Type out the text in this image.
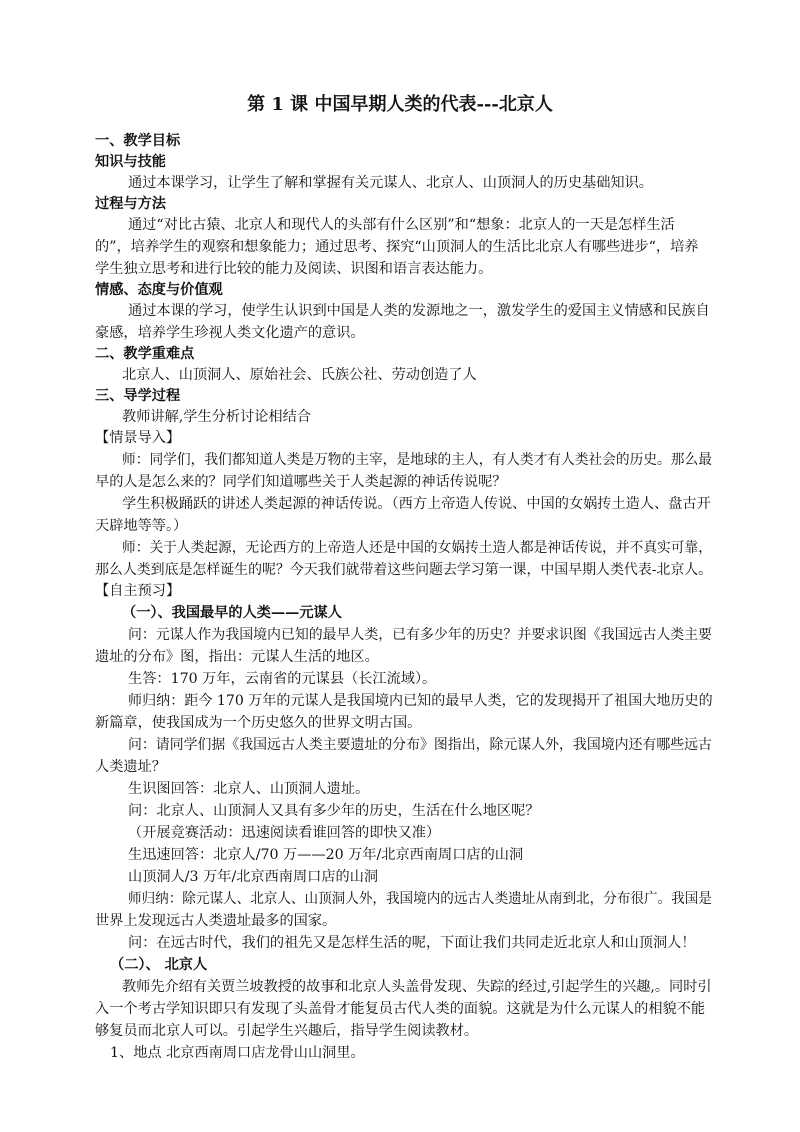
第 1 课 中国早期人类的代表---北京人
一、教学目标
知识与技能
通过本课学习，让学生了解和掌握有关元谋人、北京人、山顶洞人的历史基础知识。
过程与方法
通过“对比古猿、北京人和现代人的头部有什么区别”和“想象：北京人的一天是怎样生活
的”，培养学生的观察和想象能力；通过思考、探究“山顶洞人的生活比北京人有哪些进步“，培养
学生独立思考和进行比较的能力及阅读、识图和语言表达能力。
情感、态度与价值观
通过本课的学习，使学生认识到中国是人类的发源地之一，激发学生的爱国主义情感和民族自
豪感，培养学生珍视人类文化遗产的意识。
二、教学重难点
北京人、山顶洞人、原始社会、氏族公社、劳动创造了人
三、导学过程
教师讲解,学生分析讨论相结合
【情景导入】
师：同学们，我们都知道人类是万物的主宰，是地球的主人，有人类才有人类社会的历史。那么最
早的人是怎么来的？同学们知道哪些关于人类起源的神话传说呢？
学生积极踊跃的讲述人类起源的神话传说。（西方上帝造人传说、中国的女娲抟土造人、盘古开
天辟地等等。）
师：关于人类起源，无论西方的上帝造人还是中国的女娲抟土造人都是神话传说，并不真实可靠，
那么人类到底是怎样诞生的呢？今天我们就带着这些问题去学习第一课，中国早期人类代表-北京人。
【自主预习】
（一）、我国最早的人类——元谋人
问：元谋人作为我国境内已知的最早人类，已有多少年的历史？并要求识图《我国远古人类主要
遗址的分布》图，指出：元谋人生活的地区。
生答：170 万年，云南省的元谋县（长江流域）。
师归纳：距今 170 万年的元谋人是我国境内已知的最早人类，它的发现揭开了祖国大地历史的
新篇章，使我国成为一个历史悠久的世界文明古国。
问：请同学们据《我国远古人类主要遗址的分布》图指出，除元谋人外，我国境内还有哪些远古
人类遗址？
生识图回答：北京人、山顶洞人遗址。
问：北京人、山顶洞人又具有多少年的历史，生活在什么地区呢？
（开展竞赛活动：迅速阅读看谁回答的即快又准）
生迅速回答：北京人/70 万——20 万年/北京西南周口店的山洞
山顶洞人/3 万年/北京西南周口店的山洞
师归纳：除元谋人、北京人、山顶洞人外，我国境内的远古人类遗址从南到北，分布很广。我国是
世界上发现远古人类遗址最多的国家。
问：在远古时代，我们的祖先又是怎样生活的呢，下面让我们共同走近北京人和山顶洞人！
（二）、 北京人
教师先介绍有关贾兰坡教授的故事和北京人头盖骨发现、失踪的经过,引起学生的兴趣,。同时引
入一个考古学知识即只有发现了头盖骨才能复员古代人类的面貌。这就是为什么元谋人的相貌不能
够复员而北京人可以。引起学生兴趣后，指导学生阅读教材。
1、地点 北京西南周口店龙骨山山洞里。
